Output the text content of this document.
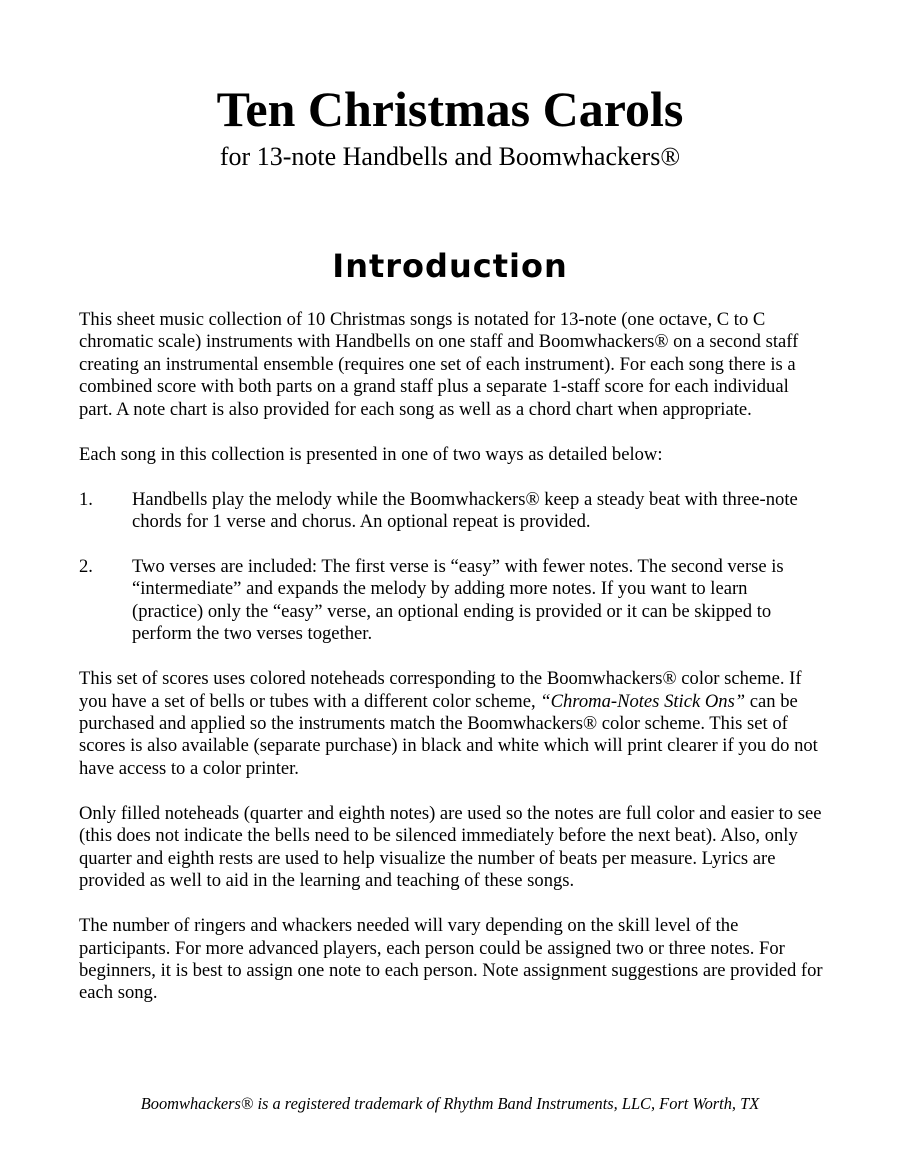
Ten Christmas Carols
for 13-note Handbells and Boomwhackers®
Introduction

This sheet music collection of 10 Christmas songs is notated for 13-note (one octave, C to C chromatic scale) instruments with Handbells on one staff and Boomwhackers® on a second staff creating an instrumental ensemble (requires one set of each instrument). For each song there is a combined score with both parts on a grand staff plus a separate 1-staff score for each individual part. A note chart is also provided for each song as well as a chord chart when appropriate.

Each song in this collection is presented in one of two ways as detailed below:

1. Handbells play the melody while the Boomwhackers® keep a steady beat with three-note chords for 1 verse and chorus. An optional repeat is provided.
2. Two verses are included: The first verse is “easy” with fewer notes. The second verse is “intermediate” and expands the melody by adding more notes. If you want to learn (practice) only the “easy” verse, an optional ending is provided or it can be skipped to perform the two verses together.

This set of scores uses colored noteheads corresponding to the Boomwhackers® color scheme. If you have a set of bells or tubes with a different color scheme, “Chroma-Notes Stick Ons” can be purchased and applied so the instruments match the Boomwhackers® color scheme. This set of scores is also available (separate purchase) in black and white which will print clearer if you do not have access to a color printer.

Only filled noteheads (quarter and eighth notes) are used so the notes are full color and easier to see (this does not indicate the bells need to be silenced immediately before the next beat). Also, only quarter and eighth rests are used to help visualize the number of beats per measure. Lyrics are provided as well to aid in the learning and teaching of these songs.

The number of ringers and whackers needed will vary depending on the skill level of the participants. For more advanced players, each person could be assigned two or three notes. For beginners, it is best to assign one note to each person. Note assignment suggestions are provided for each song.

Boomwhackers® is a registered trademark of Rhythm Band Instruments, LLC, Fort Worth, TX
